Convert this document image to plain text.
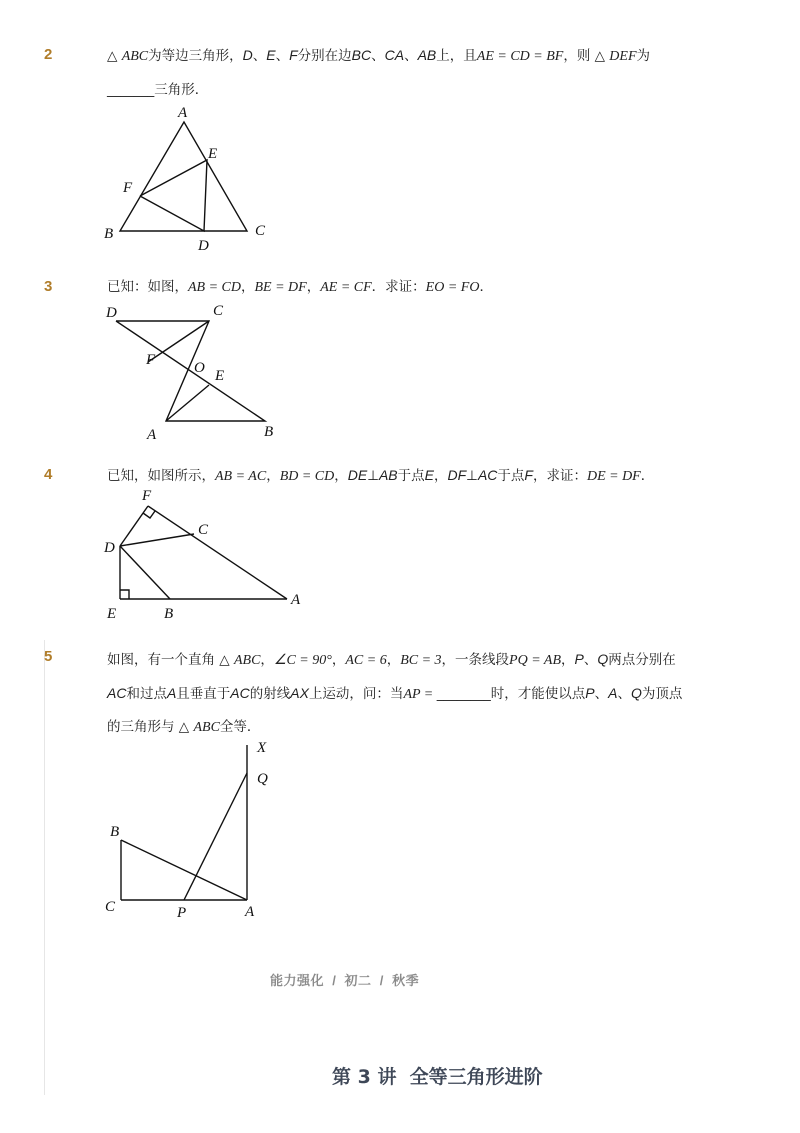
2	△ ABC为等边三角形，D、E、F分别在边BC、CA、AB上，且AE = CD = BF，则 △ DEF为
_______三角形．
A
B	C
D
E
F
3	已知：如图，AB = CD，BE = DF，AE = CF．求证：EO = FO．
D	C
F	O E
A	B
4	已知，如图所示，AB = AC，BD = CD，DE⊥AB于点E，DF⊥AC于点F，求证：DE = DF．
F
C
D
E	B
A
5	如图，有一个直角 △ ABC，∠C = 90°，AC = 6，BC = 3，一条线段PQ = AB，P、Q两点分别在
AC和过点A且垂直于AC的射线AX上运动，问：当AP = ________时，才能使以点P、A、Q为顶点
的三角形与 △ ABC全等．
X
Q
B
C	P	A
能力强化  /  初二  /  秋季
第 3 讲  全等三角形进阶
